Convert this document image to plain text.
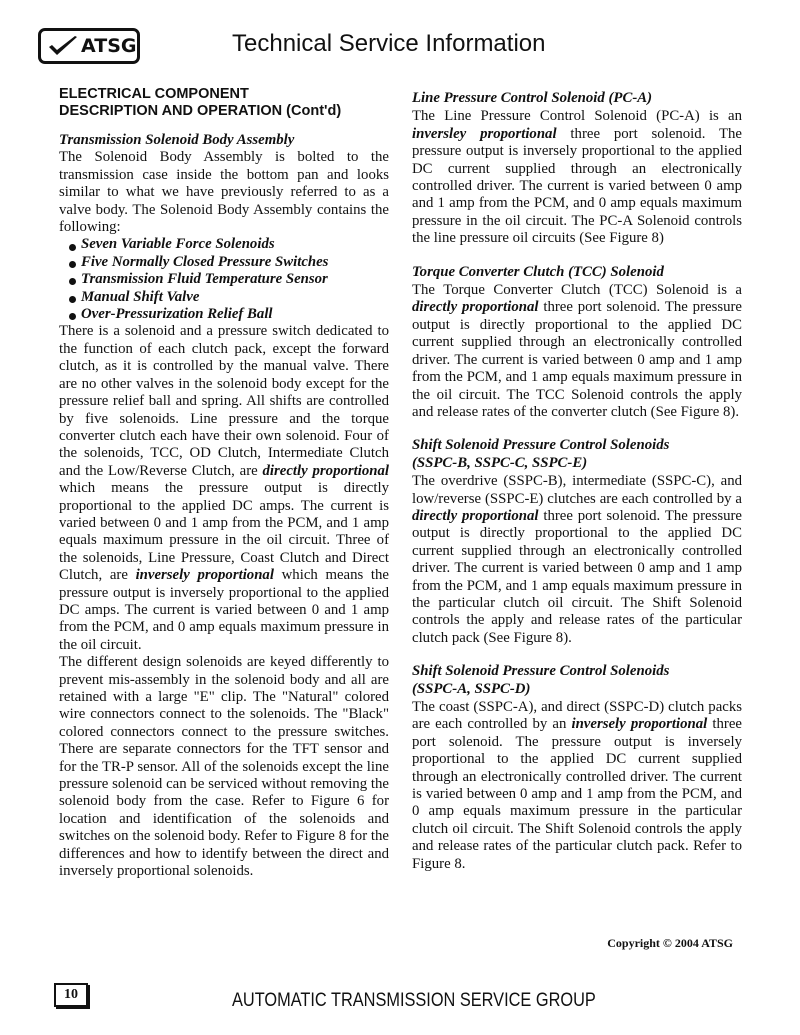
ATSG	Technical Service Information
ELECTRICAL COMPONENT
DESCRIPTION AND OPERATION (Cont'd)

Transmission Solenoid Body Assembly

The Solenoid Body Assembly is bolted to the transmission case inside the bottom pan and looks similar to what we have previously referred to as a valve body. The Solenoid Body Assembly contains the following:

Seven Variable Force Solenoids
Five Normally Closed Pressure Switches
Transmission Fluid Temperature Sensor
Manual Shift Valve
Over-Pressurization Relief Ball

There is a solenoid and a pressure switch dedicated to the function of each clutch pack, except the forward clutch, as it is controlled by the manual valve. There are no other valves in the solenoid body except for the pressure relief ball and spring. All shifts are controlled by five solenoids. Line pressure and the torque converter clutch each have their own solenoid. Four of the solenoids, TCC, OD Clutch, Intermediate Clutch and the Low/Reverse Clutch, are directly proportional which means the pressure output is directly proportional to the applied DC amps. The current is varied between 0 and 1 amp from the PCM, and 1 amp equals maximum pressure in the oil circuit. Three of the solenoids, Line Pressure, Coast Clutch and Direct Clutch, are inversely proportional which means the pressure output is inversely proportional to the applied DC amps. The current is varied between 0 and 1 amp from the PCM, and 0 amp equals maximum pressure in the oil circuit.

The different design solenoids are keyed differently to prevent mis-assembly in the solenoid body and all are retained with a large "E" clip. The "Natural" colored wire connectors connect to the solenoids. The "Black" colored connectors connect to the pressure switches. There are separate connectors for the TFT sensor and for the TR-P sensor. All of the solenoids except the line pressure solenoid can be serviced without removing the solenoid body from the case. Refer to Figure 6 for location and identification of the solenoids and switches on the solenoid body. Refer to Figure 8 for the differences and how to identify between the direct and inversely proportional solenoids.

Line Pressure Control Solenoid (PC-A)

The Line Pressure Control Solenoid (PC-A) is an inversley proportional three port solenoid. The pressure output is inversely proportional to the applied DC current supplied through an electronically controlled driver. The current is varied between 0 amp and 1 amp from the PCM, and 0 amp equals maximum pressure in the oil circuit. The PC-A Solenoid controls the line pressure oil circuits (See Figure 8)

Torque Converter Clutch (TCC) Solenoid

The Torque Converter Clutch (TCC) Solenoid is a directly proportional three port solenoid. The pressure output is directly proportional to the applied DC current supplied through an electronically controlled driver. The current is varied between 0 amp and 1 amp from the PCM, and 1 amp equals maximum pressure in the oil circuit. The TCC Solenoid controls the apply and release rates of the converter clutch (See Figure 8).

Shift Solenoid Pressure Control Solenoids
(SSPC-B, SSPC-C, SSPC-E)

The overdrive (SSPC-B), intermediate (SSPC-C), and low/reverse (SSPC-E) clutches are each controlled by a directly proportional three port solenoid. The pressure output is directly proportional to the applied DC current supplied through an electronically controlled driver. The current is varied between 0 amp and 1 amp from the PCM, and 1 amp equals maximum pressure in the particular clutch oil circuit. The Shift Solenoid controls the apply and release rates of the particular clutch pack (See Figure 8).

Shift Solenoid Pressure Control Solenoids
(SSPC-A, SSPC-D)

The coast (SSPC-A), and direct (SSPC-D) clutch packs are each controlled by an inversely proportional three port solenoid. The pressure output is inversely proportional to the applied DC current supplied through an electronically controlled driver. The current is varied between 0 amp and 1 amp from the PCM, and 0 amp equals maximum pressure in the particular clutch oil circuit. The Shift Solenoid controls the apply and release rates of the particular clutch pack. Refer to Figure 8.

Copyright © 2004 ATSG
10	AUTOMATIC TRANSMISSION SERVICE GROUP
